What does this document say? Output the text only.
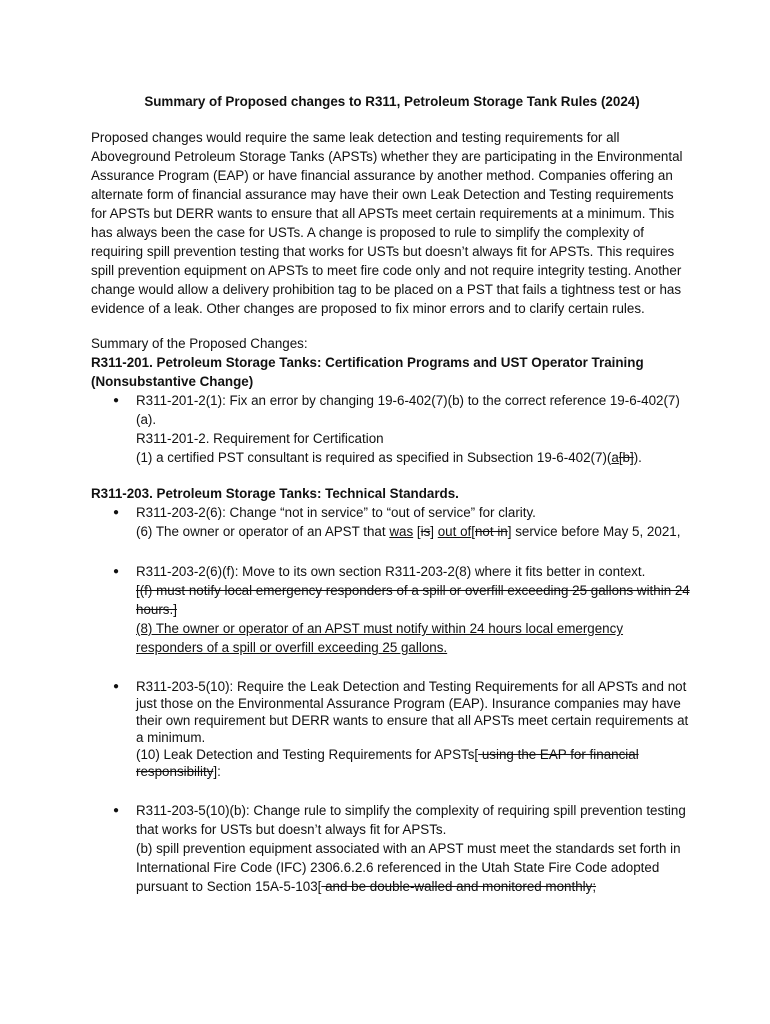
Summary of Proposed changes to R311, Petroleum Storage Tank Rules (2024)

Proposed changes would require the same leak detection and testing requirements for all Aboveground Petroleum Storage Tanks (APSTs) whether they are participating in the Environmental Assurance Program (EAP) or have financial assurance by another method. Companies offering an alternate form of financial assurance may have their own Leak Detection and Testing requirements for APSTs but DERR wants to ensure that all APSTs meet certain requirements at a minimum. This has always been the case for USTs. A change is proposed to rule to simplify the complexity of requiring spill prevention testing that works for USTs but doesn’t always fit for APSTs. This requires spill prevention equipment on APSTs to meet fire code only and not require integrity testing. Another change would allow a delivery prohibition tag to be placed on a PST that fails a tightness test or has evidence of a leak. Other changes are proposed to fix minor errors and to clarify certain rules.

Summary of the Proposed Changes:

R311-201. Petroleum Storage Tanks: Certification Programs and UST Operator Training (Nonsubstantive Change)

● R311-201-2(1): Fix an error by changing 19-6-402(7)(b) to the correct reference 19-6-402(7)(a).
R311-201-2. Requirement for Certification
(1) a certified PST consultant is required as specified in Subsection 19-6-402(7)(a[b]).

R311-203. Petroleum Storage Tanks: Technical Standards.

● R311-203-2(6): Change “not in service” to “out of service” for clarity.
(6) The owner or operator of an APST that was [is] out of[not in] service before May 5, 2021,
● R311-203-2(6)(f): Move to its own section R311-203-2(8) where it fits better in context.
[(f) must notify local emergency responders of a spill or overfill exceeding 25 gallons within 24 hours.]
(8) The owner or operator of an APST must notify within 24 hours local emergency responders of a spill or overfill exceeding 25 gallons.
● R311-203-5(10): Require the Leak Detection and Testing Requirements for all APSTs and not just those on the Environmental Assurance Program (EAP). Insurance companies may have their own requirement but DERR wants to ensure that all APSTs meet certain requirements at a minimum.
(10) Leak Detection and Testing Requirements for APSTs[ using the EAP for financial responsibility]:
● R311-203-5(10)(b): Change rule to simplify the complexity of requiring spill prevention testing that works for USTs but doesn’t always fit for APSTs.
(b) spill prevention equipment associated with an APST must meet the standards set forth in International Fire Code (IFC) 2306.6.2.6 referenced in the Utah State Fire Code adopted pursuant to Section 15A-5-103[ and be double-walled and monitored monthly;
